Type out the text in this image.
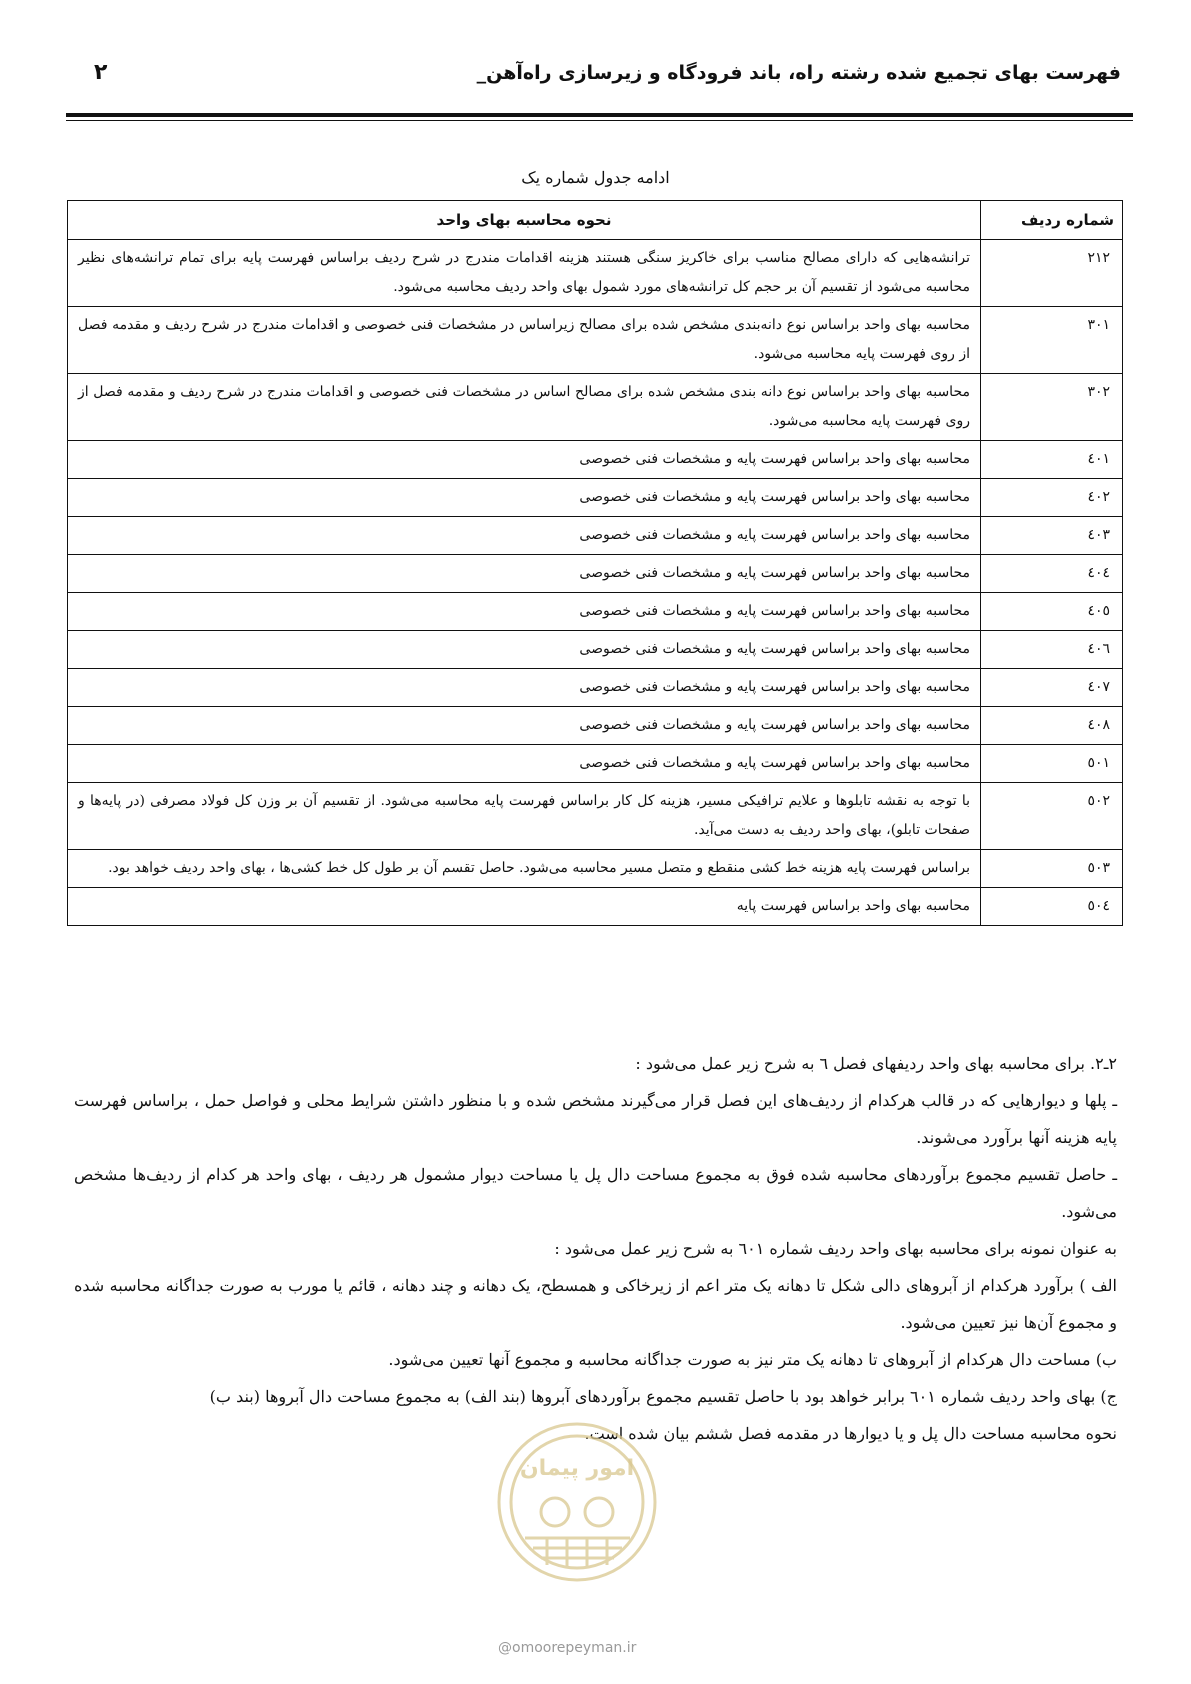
فهرست بهای تجمیع شده رشته راه، باند فرودگاه و زیرسازی راه‌آهن_
۲
ادامه جدول شماره یک
شماره ردیف	نحوه محاسبه بهای واحد
۲۱۲	ترانشه‌هایی که دارای مصالح مناسب برای خاکریز سنگی هستند هزینه اقدامات مندرج در شرح ردیف براساس فهرست پایه برای تمام ترانشه‌های نظیر محاسبه می‌شود از تقسیم آن بر حجم کل ترانشه‌های مورد شمول بهای واحد ردیف محاسبه می‌شود.
۳۰۱	محاسبه بهای واحد براساس نوع دانه‌بندی مشخص شده برای مصالح زیراساس در مشخصات فنی خصوصی و اقدامات مندرج در شرح ردیف و مقدمه فصل از روی فهرست پایه محاسبه می‌شود.
۳۰۲	محاسبه بهای واحد براساس نوع دانه بندی مشخص شده برای مصالح اساس در مشخصات فنی خصوصی و اقدامات مندرج در شرح ردیف و مقدمه فصل از روی فهرست پایه محاسبه می‌شود.
٤۰۱	محاسبه بهای واحد براساس فهرست پایه و مشخصات فنی خصوصی
٤۰۲	محاسبه بهای واحد براساس فهرست پایه و مشخصات فنی خصوصی
٤۰۳	محاسبه بهای واحد براساس فهرست پایه و مشخصات فنی خصوصی
٤۰٤	محاسبه بهای واحد براساس فهرست پایه و مشخصات فنی خصوصی
٤۰٥	محاسبه بهای واحد براساس فهرست پایه و مشخصات فنی خصوصی
٤۰٦	محاسبه بهای واحد براساس فهرست پایه و مشخصات فنی خصوصی
٤۰۷	محاسبه بهای واحد براساس فهرست پایه و مشخصات فنی خصوصی
٤۰۸	محاسبه بهای واحد براساس فهرست پایه و مشخصات فنی خصوصی
٥۰۱	محاسبه بهای واحد براساس فهرست پایه و مشخصات فنی خصوصی
٥۰۲	با توجه به نقشه تابلوها و علایم ترافیکی مسیر، هزینه کل کار براساس فهرست پایه محاسبه می‌شود. از تقسیم آن بر وزن کل فولاد مصرفی (در پایه‌ها و صفحات تابلو)، بهای واحد ردیف به دست می‌آید.
٥۰۳	براساس فهرست پایه هزینه خط کشی منقطع و متصل مسیر محاسبه می‌شود. حاصل تقسم آن بر طول کل خط کشی‌ها ، بهای واحد ردیف خواهد بود.
٥۰٤	محاسبه بهای واحد براساس فهرست پایه

۲ـ۲. برای محاسبه بهای واحد ردیفهای فصل ٦ به شرح زیر عمل می‌شود :

ـ پلها و دیوارهایی که در قالب هرکدام از ردیف‌های این فصل قرار می‌گیرند مشخص شده و با منظور داشتن شرایط محلی و فواصل حمل ، براساس فهرست پایه هزینه آنها برآورد می‌شوند.

ـ حاصل تقسیم مجموع برآوردهای محاسبه شده فوق به مجموع مساحت دال پل یا مساحت دیوار مشمول هر ردیف ، بهای واحد هر کدام از ردیف‌ها مشخص می‌شود.

به عنوان نمونه برای محاسبه بهای واحد ردیف شماره ٦۰۱ به شرح زیر عمل می‌شود :

الف ) برآورد هرکدام از آبروهای دالی شکل تا دهانه یک متر اعم از زیرخاکی و همسطح، یک دهانه و چند دهانه ، قائم یا مورب به صورت جداگانه محاسبه شده و مجموع آن‌ها نیز تعیین می‌شود.

ب) مساحت دال هرکدام از آبروهای تا دهانه یک متر نیز به صورت جداگانه محاسبه و مجموع آنها تعیین می‌شود.

ج) بهای واحد ردیف شماره ٦۰۱ برابر خواهد بود با حاصل تقسیم مجموع برآوردهای آبروها (بند الف) به مجموع مساحت دال آبروها (بند ب)

نحوه محاسبه مساحت دال پل و یا دیوارها در مقدمه فصل ششم بیان شده است.

امور پیمان
@omoorepeyman.ir
